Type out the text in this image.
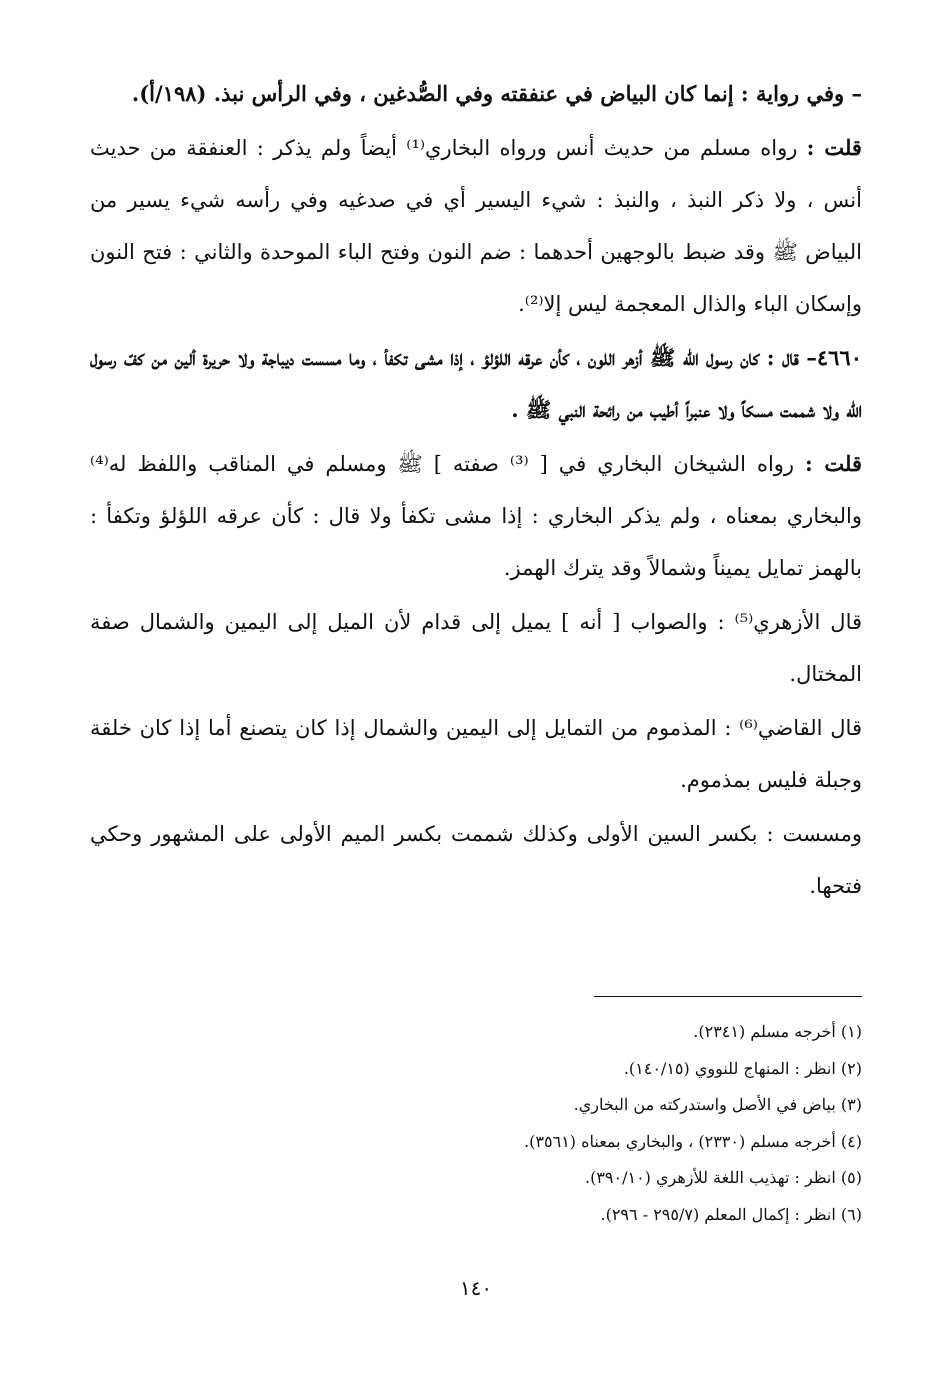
– وفي رواية : إنما كان البياض في عنفقته وفي الصُّدغين ، وفي الرأس نبذ. (١٩٨/أ).

قلت : رواه مسلم من حديث أنس ورواه البخاري⁽¹⁾ أيضاً ولم يذكر : العنفقة من حديث أنس ، ولا ذكر النبذ ، والنبذ : شيء اليسير أي في صدغيه وفي رأسه شيء يسير من البياض ﷺ وقد ضبط بالوجهين أحدهما : ضم النون وفتح الباء الموحدة والثاني : فتح النون وإسكان الباء والذال المعجمة ليس إلا⁽²⁾.

٤٦٦٠– قال : كان رسول الله ﷺ أزهر اللون ، كأن عرقه اللؤلؤ ، إذا مشى تكفأ ، وما مسست ديباجة ولا حريرة ألين من كفّ رسول الله ولا شممت مسكاً ولا عنبراً أطيب من رائحة النبي ﷺ .

قلت : رواه الشيخان البخاري في [ ⁽³⁾ صفته ] ﷺ ومسلم في المناقب واللفظ له⁽⁴⁾ والبخاري بمعناه ، ولم يذكر البخاري : إذا مشى تكفأ ولا قال : كأن عرقه اللؤلؤ وتكفأ : بالهمز تمايل يميناً وشمالاً وقد يترك الهمز.

قال الأزهري⁽⁵⁾ : والصواب [ أنه ] يميل إلى قدام لأن الميل إلى اليمين والشمال صفة المختال.

قال القاضي⁽⁶⁾ : المذموم من التمايل إلى اليمين والشمال إذا كان يتصنع أما إذا كان خلقة وجبلة فليس بمذموم.

ومسست : بكسر السين الأولى وكذلك شممت بكسر الميم الأولى على المشهور وحكي فتحها.

(١) أخرجه مسلم (٢٣٤١).
(٢) انظر : المنهاج للنووي (١٤٠/١٥).
(٣) بياض في الأصل واستدركته من البخاري.
(٤) أخرجه مسلم (٢٣٣٠) ، والبخاري بمعناه (٣٥٦١).
(٥) انظر : تهذيب اللغة للأزهري (٣٩٠/١٠).
(٦) انظر : إكمال المعلم (٢٩٥/٧ - ٢٩٦).
١٤٠
